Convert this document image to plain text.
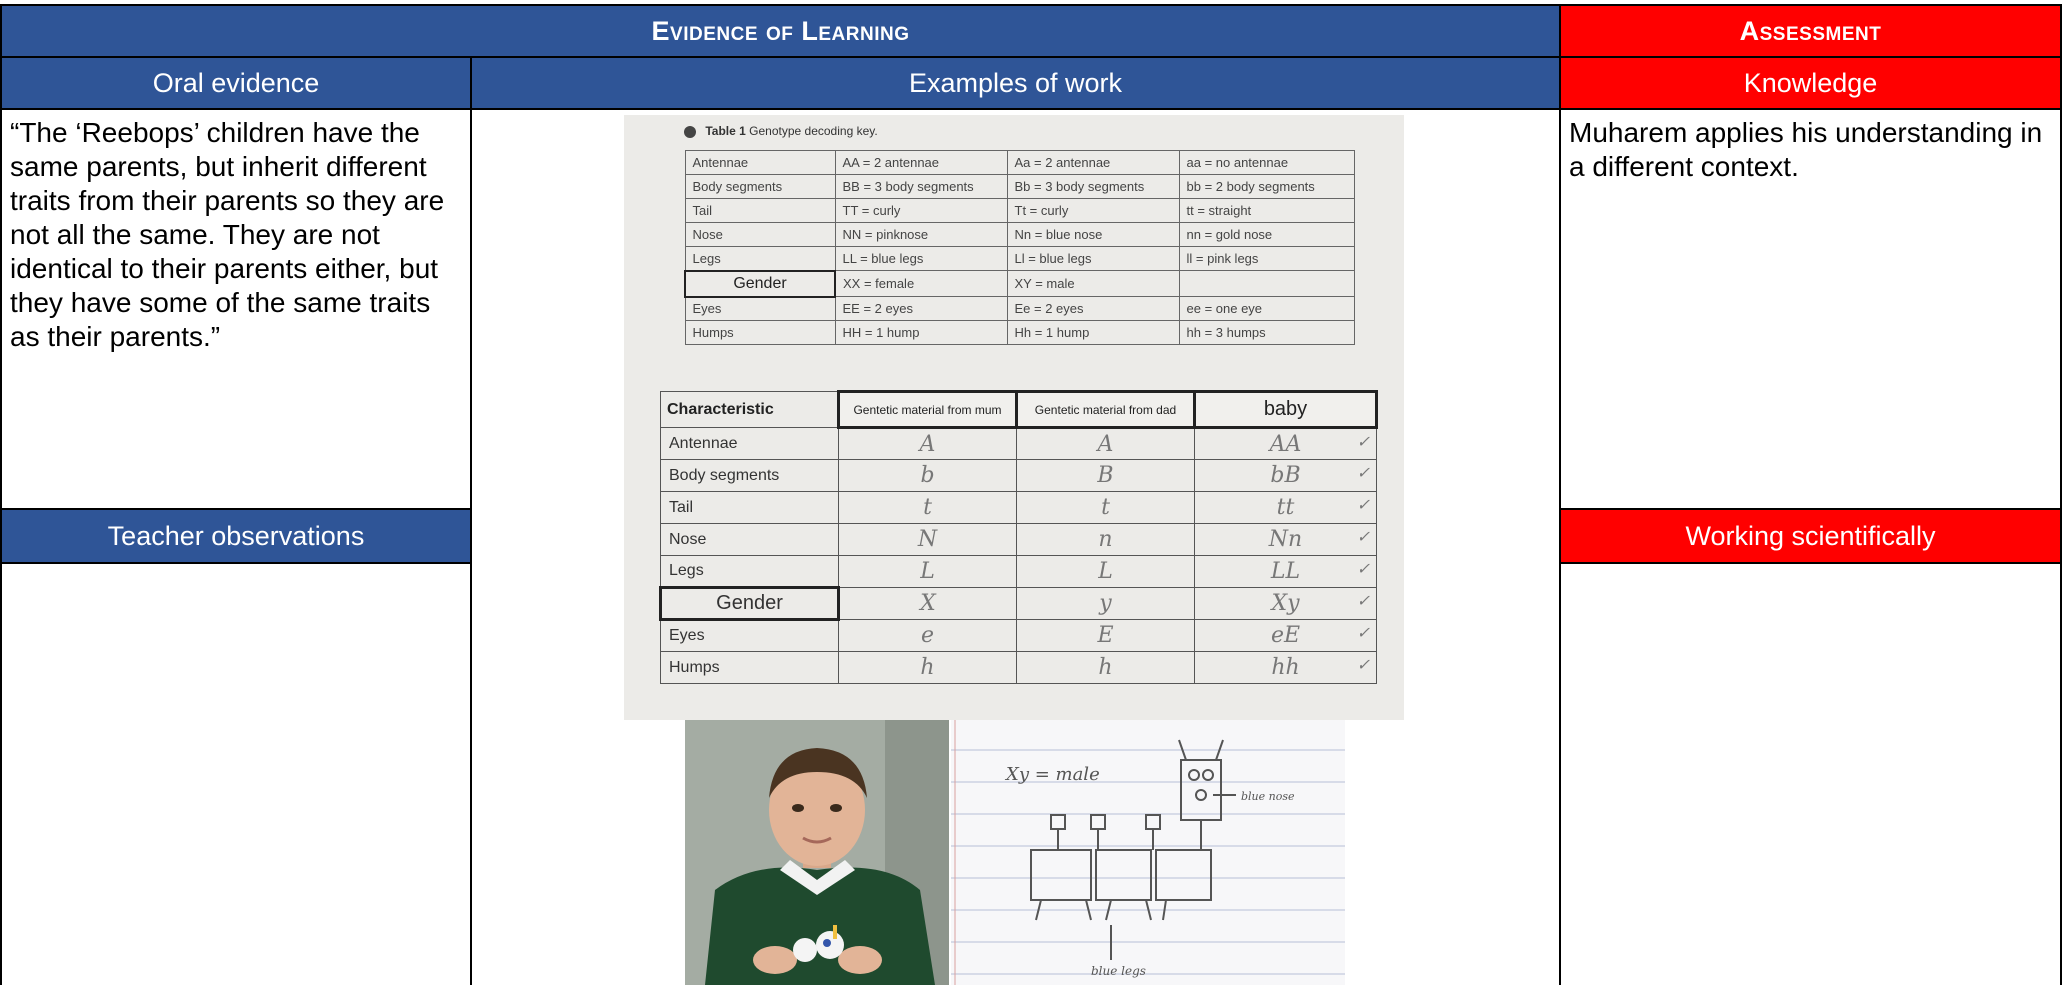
Evidence of Learning	Assessment
Oral evidence	Examples of work	Knowledge
“The ‘Reebops’ children have the same parents, but inherit different traits from their parents so they are not all the same. They are not identical to their parents either, but they have some of the same traits as their parents.”
Muharem applies his understanding in a different context.
Teacher observations	Working scientifically
Table 1 Genotype decoding key.
Antennae	AA = 2 antennae	Aa = 2 antennae	aa = no antennae
Body segments	BB = 3 body segments	Bb = 3 body segments	bb = 2 body segments
Tail	TT = curly	Tt = curly	tt = straight
Nose	NN = pinknose	Nn = blue nose	nn = gold nose
Legs	LL = blue legs	Ll = blue legs	ll = pink legs
Gender	XX = female	XY = male	
Eyes	EE = 2 eyes	Ee = 2 eyes	ee = one eye
Humps	HH = 1 hump	Hh = 1 hump	hh = 3 humps
Characteristic	Gentetic material from mum	Gentetic material from dad	baby
Antennae	A	A	AA ✓

Body segments	b	B	bB ✓

Tail	t	t	tt ✓

Nose	N	n	Nn ✓

Legs	L	L	LL ✓

Gender	X	y	Xy ✓

Eyes	e	E	eE ✓

Humps	h	h	hh ✓
Xy = male
blue nose
blue legs
